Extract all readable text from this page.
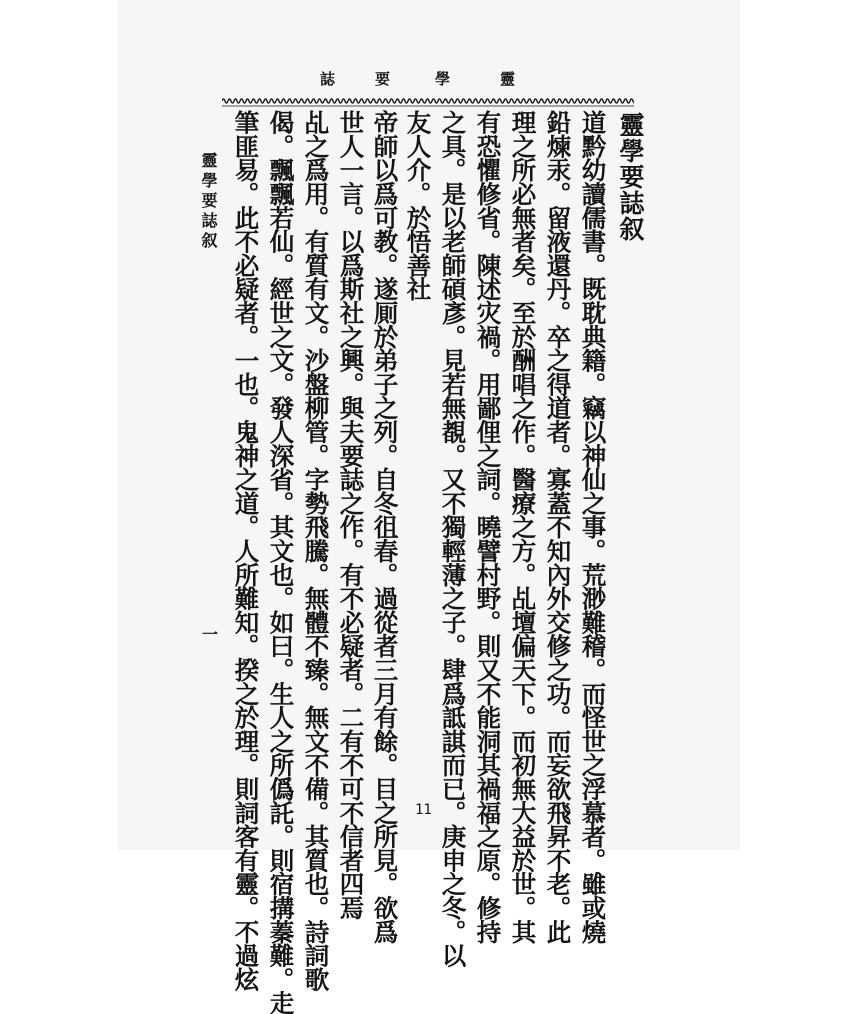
靈
學
要
誌
靈學要誌叙
道黔幼讀儒書。既耽典籍。竊以神仙之事。荒渺難稽。而怪世之浮慕者。雖或燒
鉛煉汞。留液還丹。卒之得道者。寡蓋不知內外交修之功。而妄欲飛昇不老。此
理之所必無者矣。至於酬唱之作。醫療之方。乩壇偏天下。而初無大益於世。其
有恐懼修省。陳述灾禍。用鄙俚之詞。曉譬村野。則又不能洞其禍福之原。修持
之具。是以老師碩彥。見若無覩。又不獨輕薄之子。肆爲詆諆而已。庚申之冬。以
友人介。於悟善社
帝師以爲可教。遂厠於弟子之列。自冬徂春。過從者三月有餘。目之所見。欲爲
世人一言。以爲斯社之興。與夫要誌之作。有不必疑者。二有不可不信者四焉
乩之爲用。有質有文。沙盤柳管。字勢飛騰。無體不臻。無文不備。其質也。詩詞歌
偈。飄飄若仙。經世之文。發人深省。其文也。如曰。生人之所僞託。則宿搆蓁難。走
筆匪易。此不必疑者。一也。鬼神之道。人所難知。揆之於理。則詞客有靈。不過炫
靈學要誌叙
一
11
